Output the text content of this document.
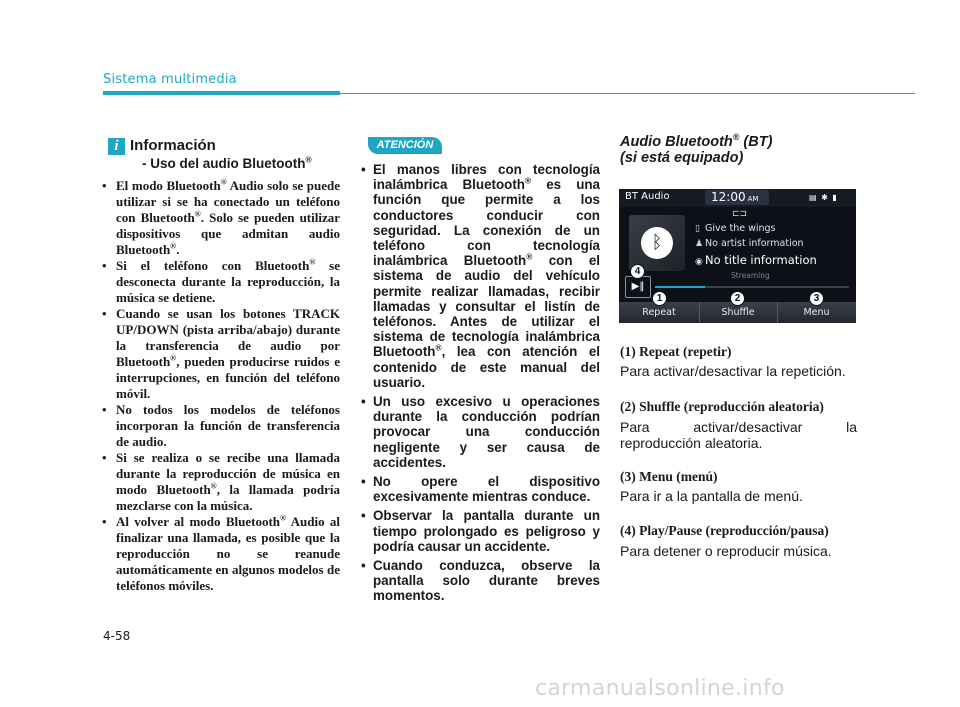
Sistema multimedia
i Información
- Uso del audio Bluetooth®
• El modo Bluetooth® Audio solo se puede utilizar si se ha conectado un teléfono con Bluetooth®. Solo se pueden utilizar dispositivos que admitan audio Bluetooth®.
• Si el teléfono con Bluetooth® se desconecta durante la reproducción, la música se detiene.
• Cuando se usan los botones TRACK UP/DOWN (pista arriba/abajo) durante la transferencia de audio por Bluetooth®, pueden producirse ruidos e interrupciones, en función del teléfono móvil.
• No todos los modelos de teléfonos incorporan la función de transferencia de audio.
• Si se realiza o se recibe una llamada durante la reproducción de música en modo Bluetooth®, la llamada podría mezclarse con la música.
• Al volver al modo Bluetooth® Audio al finalizar una llamada, es posible que la reproducción no se reanude automáticamente en algunos modelos de teléfonos móviles.
ATENCIÓN
• El manos libres con tecnología inalámbrica Bluetooth® es una función que permite a los conductores conducir con seguridad. La conexión de un teléfono con tecnología inalámbrica Bluetooth® con el sistema de audio del vehículo permite realizar llamadas, recibir llamadas y consultar el listín de teléfonos. Antes de utilizar el sistema de tecnología inalámbrica Bluetooth®, lea con atención el contenido de este manual del usuario.
• Un uso excesivo u operaciones durante la conducción podrían provocar una conducción negligente y ser causa de accidentes.
• No opere el dispositivo excesivamente mientras conduce.
• Observar la pantalla durante un tiempo prolongado es peligroso y podría causar un accidente.
• Cuando conduzca, observe la pantalla solo durante breves momentos.
Audio Bluetooth® (BT)
(si está equipado)
BT Audio	12:00 AM	▤ ✱ ▮
ᛒ
⊏⊐
▯ Give the wings
♟ No artist information
◉ No title information
Streaming
▶‖
Repeat	Shuffle	Menu
1	2	3
4
(1) Repeat (repetir)
Para activar/desactivar la repetición.
(2) Shuffle (reproducción aleatoria)
Para activar/desactivar la
reproducción aleatoria.
(3) Menu (menú)
Para ir a la pantalla de menú.
(4) Play/Pause (reproducción/pausa)
Para detener o reproducir música.
4-58
carmanualsonline.info
